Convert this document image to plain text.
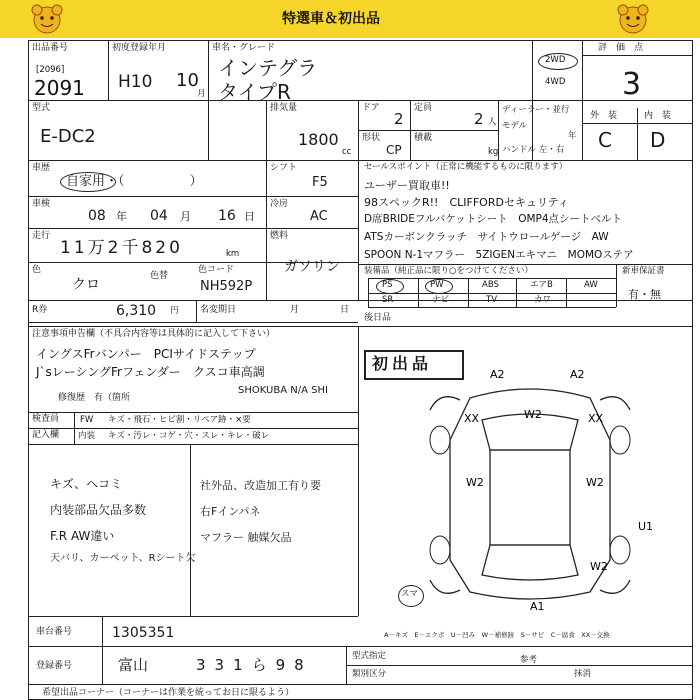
特選車＆初出品
出品番号
[2096]
2091
初度登録年月
H10 10
月
車名・グレード
インテグラ
タイプR
2WD
4WD
評　価　点
3
型式
E-DC2
排気量
1800
cc
ドア
2
定員
2 人
形状
CP
積載
kg
ディーラー・並行
モデル
年
ハンドル 左・右
外　装	内　装
C D
車歴
自家用・（　　　　　）
車検
08 年 04 月 16 日
走行
11万2千820	km
色
クロ
色替
色コード
NH592P
シフト
F5
冷房
AC
燃料
ガソリン
R券	6,310 円 名変期日	月	日
セールスポイント（正常に機能するものに限ります）
ユーザー買取車!!
98スペックR!!　CLIFFORDセキュリティ
D席BRIDEフルバケットシート　OMP4点シートベルト
ATSカーボンクラッチ　サイトウロールゲージ　AW
SPOON N-1マフラー　5ZIGENエキマニ　MOMOステア
装備品（純正品に限り○をつけてください）
PS	PW	ABS	エアB	AW
SR	ナビ	TV	カワ
新車保証書
有・無
後日品
注意事項申告欄（不具合内容等は具体的に記入して下さい）
イングスFrバンパー　PCIサイドステップ
J`sレーシングFrフェンダー　クスコ車高調
SHOKUBA N/A SHI
修復歴　有（箇所
検査員
記入欄
FW キズ・飛石・ヒビ割・リペア跡・×要
内装 キズ・汚レ・コゲ・穴・スレ・キレ・破レ
キズ、ヘコミ
内装部品欠品多数
F.R AW違い
天バリ、カーペット、Rシート欠
社外品、改造加工有り要
右Fインパネ
マフラー 触媒欠品
初出品
A2	A2
XX	W2	XX
W2	W2
U1
W2
A1
スマ
A－キズ　E－エクボ　U－凹み　W－補修跡　S－サビ　C－腐食　XX－交換
車台番号	1305351
登録番号	富山	331ら98	型式指定
類別区分
参考
抹消
希望出品コーナー（コーナーは作業を統ってお日に限るよう）
